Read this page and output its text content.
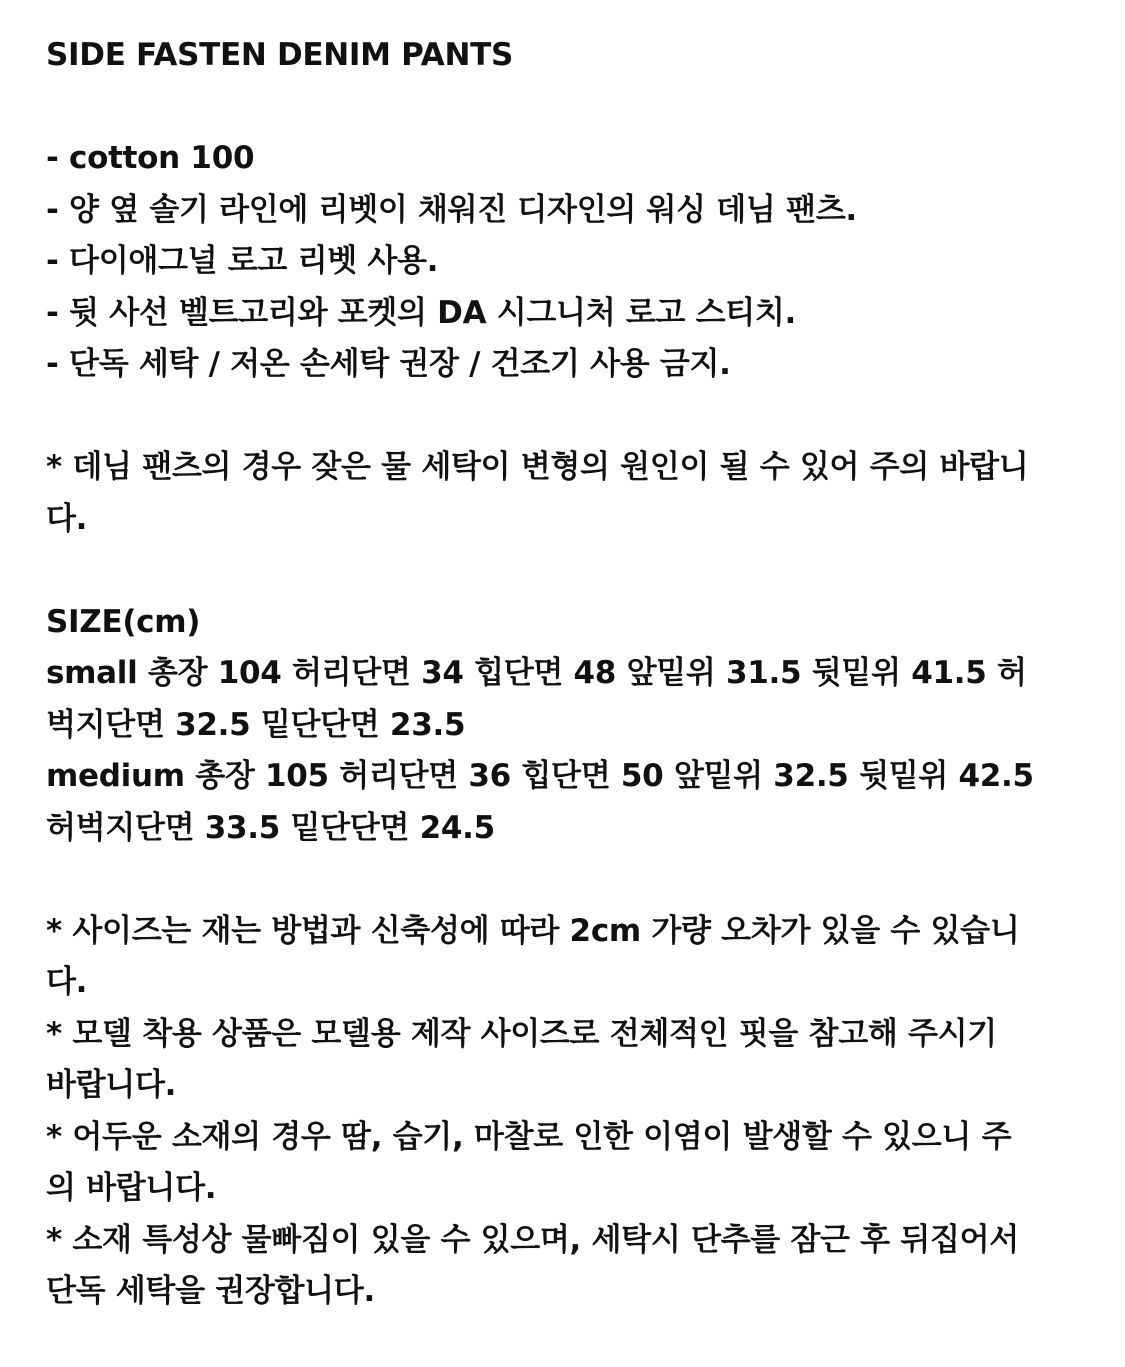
SIDE FASTEN DENIM PANTS
- cotton 100
- 양 옆 솔기 라인에 리벳이 채워진 디자인의 워싱 데님 팬츠.
- 다이애그널 로고 리벳 사용.
- 뒷 사선 벨트고리와 포켓의 DA 시그니처 로고 스티치.
- 단독 세탁 / 저온 손세탁 권장 / 건조기 사용 금지.
* 데님 팬츠의 경우 잦은 물 세탁이 변형의 원인이 될 수 있어 주의 바랍니
다.
SIZE(cm)
small 총장 104 허리단면 34 힙단면 48 앞밑위 31.5 뒷밑위 41.5 허
벅지단면 32.5 밑단단면 23.5
medium 총장 105 허리단면 36 힙단면 50 앞밑위 32.5 뒷밑위 42.5
허벅지단면 33.5 밑단단면 24.5
* 사이즈는 재는 방법과 신축성에 따라 2cm 가량 오차가 있을 수 있습니
다.
* 모델 착용 상품은 모델용 제작 사이즈로 전체적인 핏을 참고해 주시기
바랍니다.
* 어두운 소재의 경우 땀, 습기, 마찰로 인한 이염이 발생할 수 있으니 주
의 바랍니다.
* 소재 특성상 물빠짐이 있을 수 있으며, 세탁시 단추를 잠근 후 뒤집어서
단독 세탁을 권장합니다.
